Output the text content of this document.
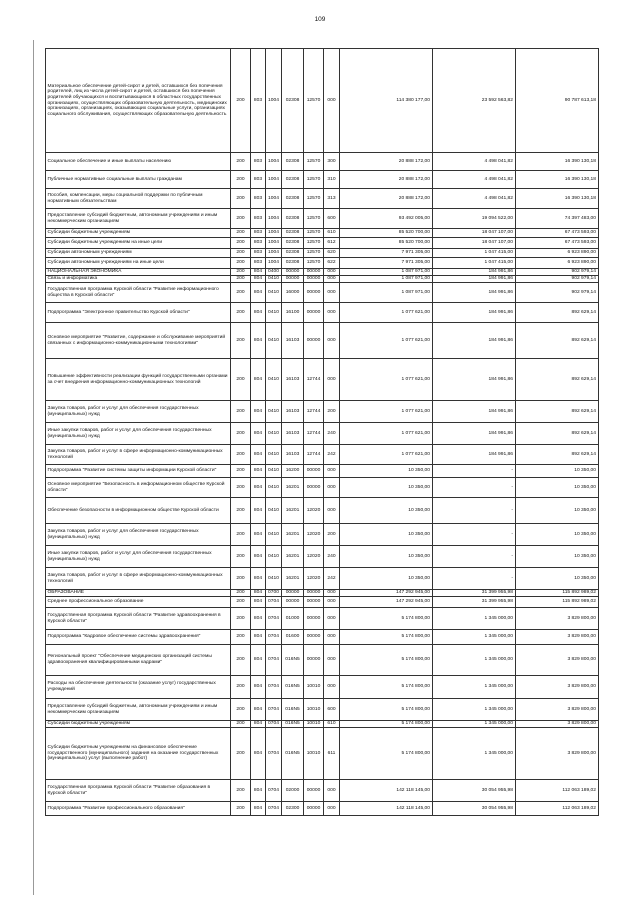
109
Материальное обеспечение детей-сирот и детей, оставшихся без попечения родителей, лиц из числа детей-сирот и детей, оставшихся без попечения родителей обучающихся и воспитывающихся в областных государственных организациях, осуществляющих образовательную деятельность, медицинских организациях, организациях, оказывающих социальные услуги, организациях социального обслуживания, осуществляющих образовательную деятельность	200	803	1004	02308	12570	000	114 380 177,00	23 592 563,82	90 787 613,18
Социальное обеспечение и иные выплаты населению	200	803	1004	02308	12570	300	20 888 172,00	4 498 041,82	16 390 130,18
Публичные нормативные социальные выплаты гражданам	200	803	1004	02308	12570	310	20 888 172,00	4 498 041,82	16 390 130,18
Пособия, компенсации, меры социальной поддержки по публичным нормативным обязательствам	200	803	1004	02308	12570	313	20 888 172,00	4 498 041,82	16 390 130,18
Предоставление субсидий бюджетным, автономным учреждениям и иным некоммерческим организациям	200	803	1004	02308	12570	600	93 492 005,00	19 094 522,00	74 397 483,00
Субсидии бюджетным учреждениям	200	803	1004	02308	12570	610	85 520 700,00	18 047 107,00	67 473 593,00
Субсидии бюджетным учреждениям на иные цели	200	803	1004	02308	12570	612	85 520 700,00	18 047 107,00	67 473 593,00
Субсидии автономным учреждениям	200	803	1004	02308	12570	620	7 971 305,00	1 047 415,00	6 923 890,00
Субсидии автономным учреждениям на иные цели	200	803	1004	02308	12570	622	7 971 305,00	1 047 415,00	6 923 890,00
НАЦИОНАЛЬНАЯ ЭКОНОМИКА	200	804	0400	00000	00000	000	1 087 971,00	184 991,86	902 979,14
Связь и информатика	200	804	0410	00000	00000	000	1 087 971,00	184 991,86	902 979,14
Государственная программа Курской области "Развитие информационного общества в Курской области"	200	804	0410	16000	00000	000	1 087 971,00	184 991,86	902 979,14
Подпрограмма "Электронное правительство Курской области"	200	804	0410	16100	00000	000	1 077 621,00	184 991,86	892 629,14
Основное мероприятие "Развитие, содержание и обслуживание мероприятий связанных с информационно-коммуникационными технологиями"	200	804	0410	16103	00000	000	1 077 621,00	184 991,86	892 629,14
Повышение эффективности реализации функций государственными органами за счет внедрения информационно-коммуникационных технологий	200	804	0410	16103	12744	000	1 077 621,00	184 991,86	892 629,14
Закупка товаров, работ и услуг для обеспечения государственных (муниципальных) нужд	200	804	0410	16103	12744	200	1 077 621,00	184 991,86	892 629,14
Иные закупки товаров, работ и услуг для обеспечения государственных (муниципальных) нужд	200	804	0410	16103	12744	240	1 077 621,00	184 991,86	892 629,14
Закупка товаров, работ и услуг в сфере информационно-коммуникационных технологий	200	804	0410	16103	12744	242	1 077 621,00	184 991,86	892 629,14
Подпрограмма "Развитие системы защиты информации Курской области"	200	804	0410	16200	00000	000	10 350,00	-	10 350,00
Основное мероприятие "Безопасность в информационном обществе Курской области"	200	804	0410	16201	00000	000	10 350,00	-	10 350,00
Обеспечение безопасности в информационном обществе Курской области	200	804	0410	16201	12020	000	10 350,00	-	10 350,00
Закупка товаров, работ и услуг для обеспечения государственных (муниципальных) нужд	200	804	0410	16201	12020	200	10 350,00	-	10 350,00
Иные закупки товаров, работ и услуг для обеспечения государственных (муниципальных) нужд	200	804	0410	16201	12020	240	10 350,00	-	10 350,00
Закупка товаров, работ и услуг в сфере информационно-коммуникационных технологий	200	804	0410	16201	12020	242	10 350,00	-	10 350,00
ОБРАЗОВАНИЕ	200	804	0700	00000	00000	000	147 292 945,00	31 399 955,98	115 892 989,02
Среднее профессиональное образование	200	804	0704	00000	00000	000	147 292 945,00	31 399 955,98	115 892 989,02
Государственная программа Курской области "Развитие здравоохранения в Курской области"	200	804	0704	01000	00000	000	5 174 800,00	1 345 000,00	3 829 800,00
Подпрограмма "Кадровое обеспечение системы здравоохранения"	200	804	0704	01600	00000	000	5 174 800,00	1 345 000,00	3 829 800,00
Региональный проект "Обеспечение медицинских организаций системы здравоохранения квалифицированными кадрами"	200	804	0704	016N5	00000	000	5 174 800,00	1 345 000,00	3 829 800,00
Расходы на обеспечение деятельности (оказание услуг) государственных учреждений	200	804	0704	016N5	10010	000	5 174 800,00	1 345 000,00	3 829 800,00
Предоставление субсидий бюджетным, автономным учреждениям и иным некоммерческим организациям	200	804	0704	016N5	10010	600	5 174 800,00	1 345 000,00	3 829 800,00
Субсидии бюджетным учреждениям	200	804	0704	016N5	10010	610	5 174 800,00	1 345 000,00	3 829 800,00
Субсидии бюджетным учреждениям на финансовое обеспечение государственного (муниципального) задания на оказание государственных (муниципальных) услуг (выполнение работ)	200	804	0704	016N5	10010	611	5 174 800,00	1 345 000,00	3 829 800,00
Государственная программа Курской области "Развитие образования в Курской области"	200	804	0704	02000	00000	000	142 118 145,00	30 054 955,98	112 063 189,02
Подпрограмма "Развитие профессионального образования"	200	804	0704	02300	00000	000	142 118 145,00	30 054 955,98	112 063 189,02
